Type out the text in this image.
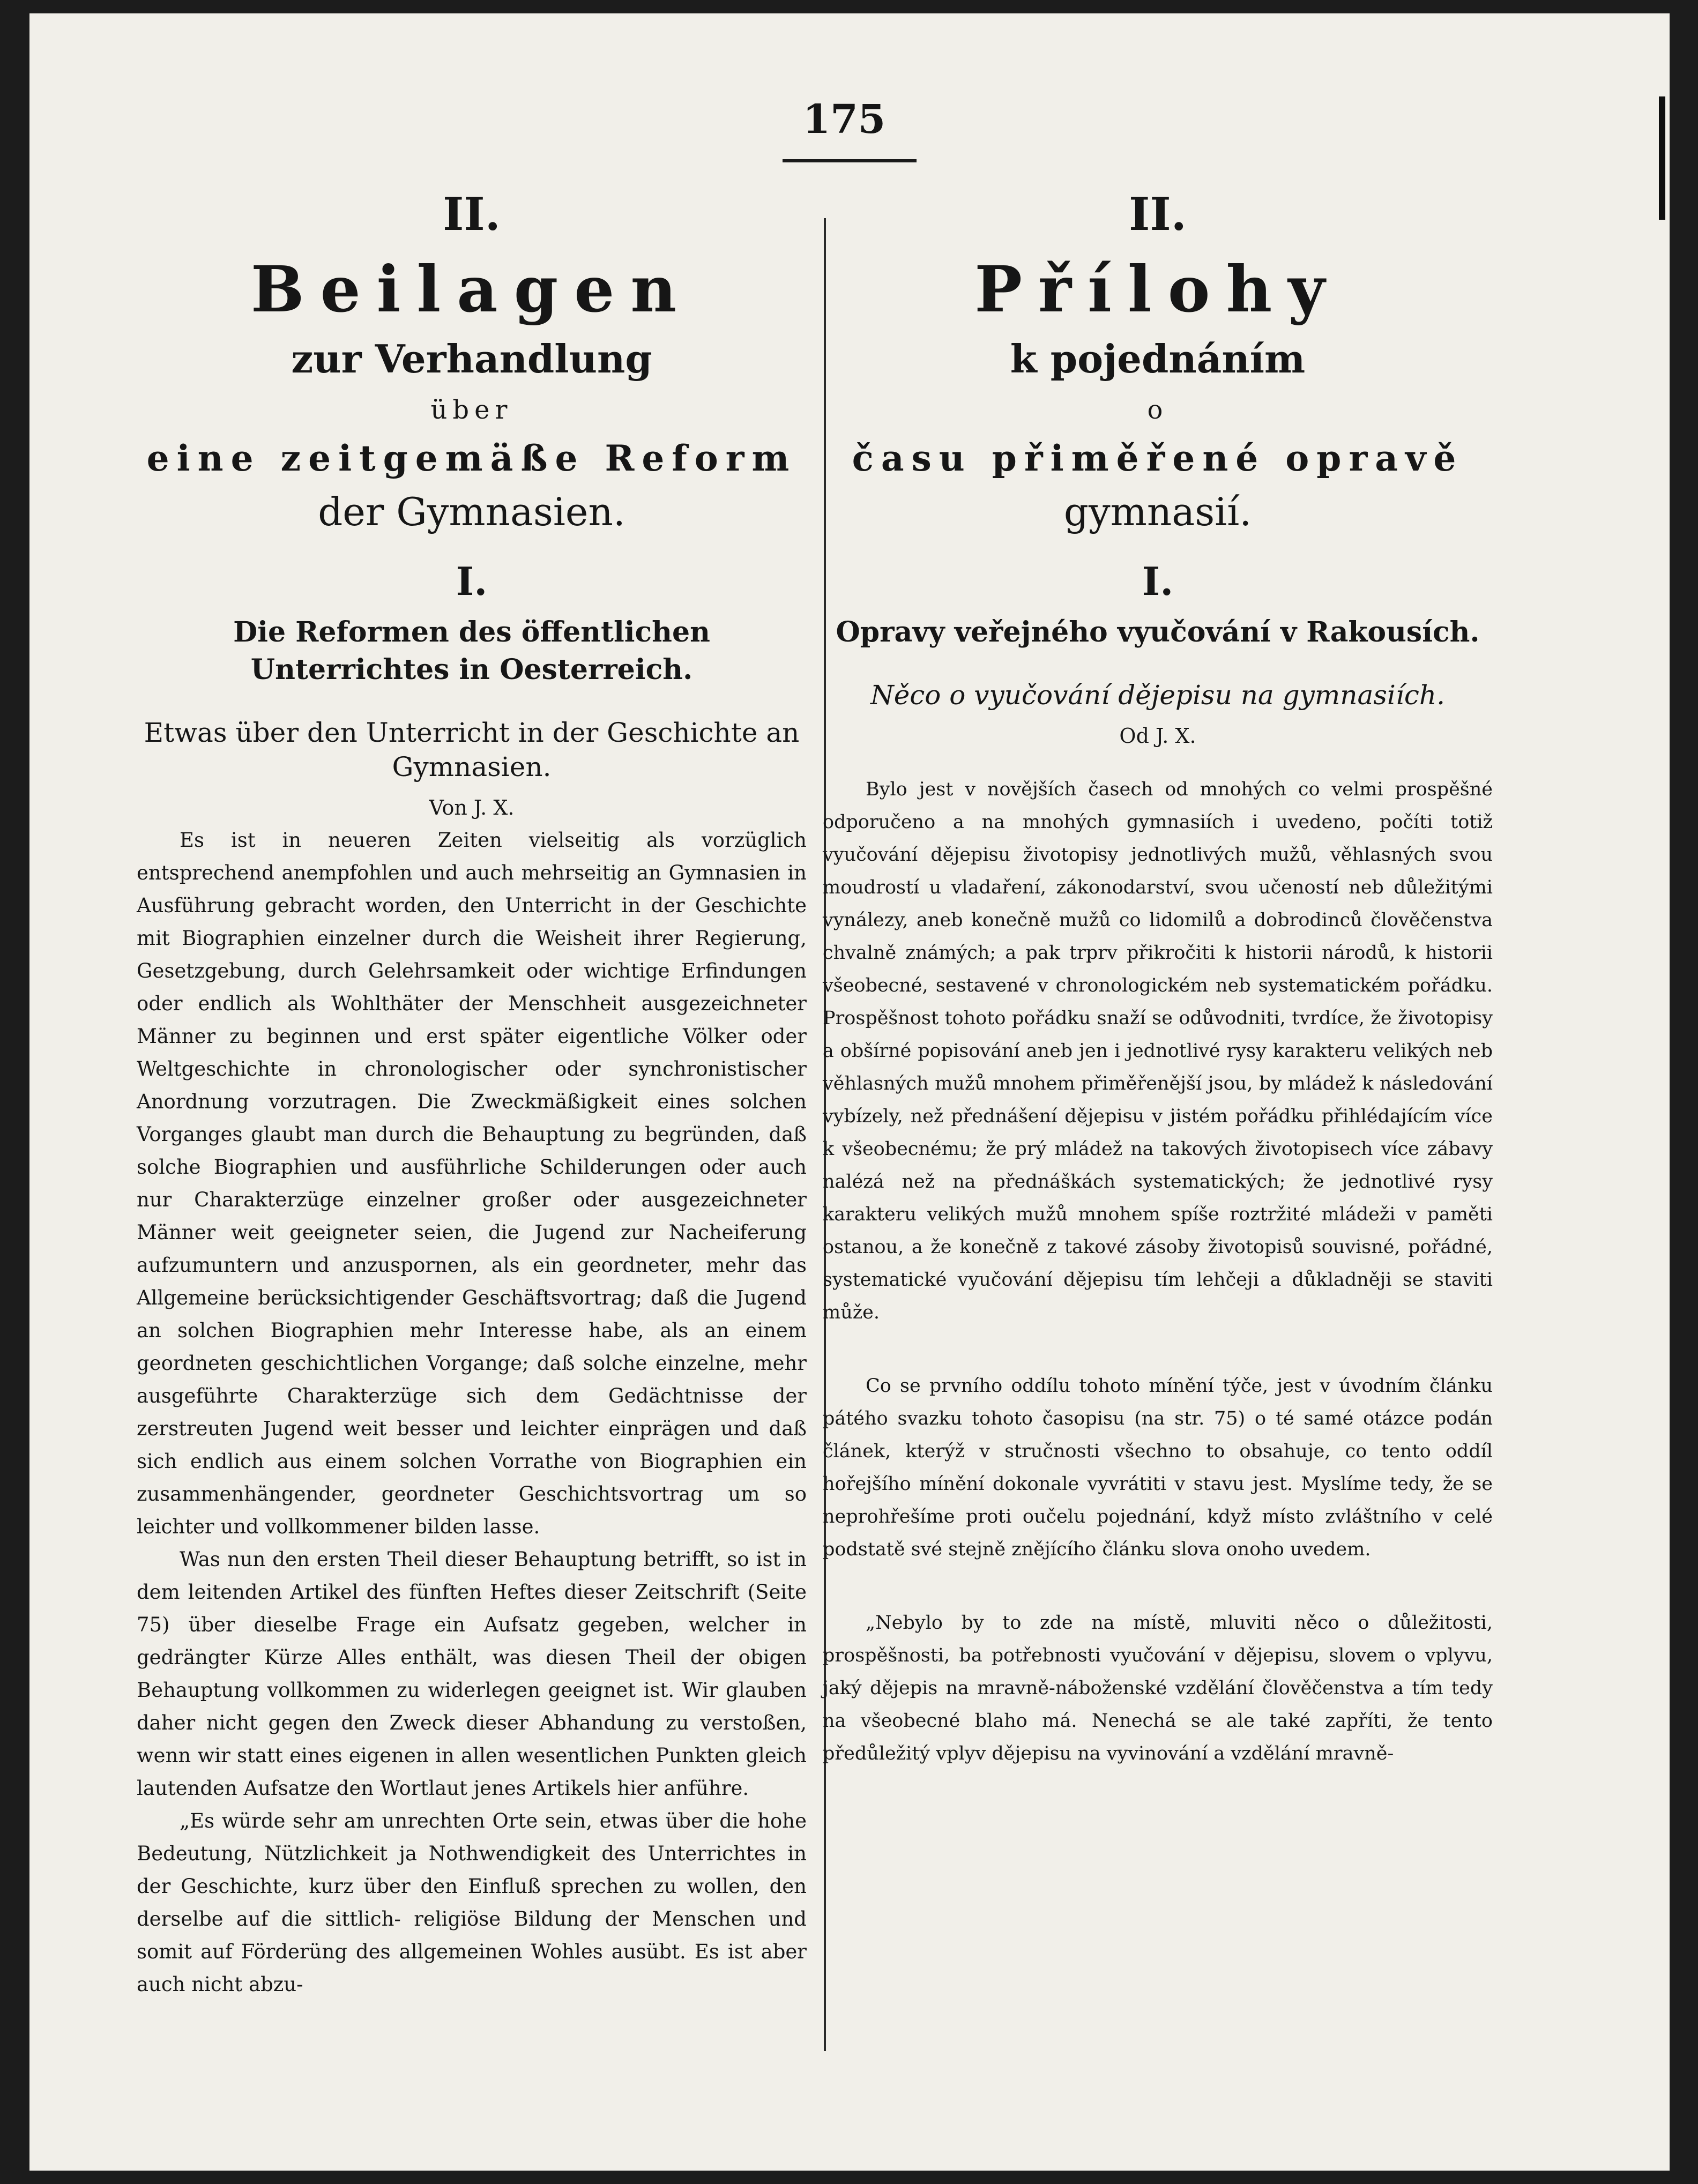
175
II.
Beilagen
zur Verhandlung
über
eine zeitgemäße Reform
der Gymnasien.
I.
Die Reformen des öffentlichen Unterrichtes in Oesterreich.
Etwas über den Unterricht in der Geschichte an Gymnasien.
Von J. X.

Es ist in neueren Zeiten vielseitig als vorzüglich entsprechend anempfohlen und auch mehrseitig an Gymnasien in Ausführung gebracht worden, den Unterricht in der Geschichte mit Biographien einzelner durch die Weisheit ihrer Regierung, Gesetzgebung, durch Gelehrsamkeit oder wichtige Erfindungen oder endlich als Wohlthäter der Menschheit ausgezeichneter Männer zu beginnen und erst später eigentliche Völker oder Weltgeschichte in chronologischer oder synchronistischer Anordnung vorzutragen. Die Zweckmäßigkeit eines solchen Vorganges glaubt man durch die Behauptung zu begründen, daß solche Biographien und ausführliche Schilderungen oder auch nur Charakterzüge einzelner großer oder ausgezeichneter Männer weit geeigneter seien, die Jugend zur Nacheiferung aufzumuntern und anzuspornen, als ein geordneter, mehr das Allgemeine berücksichtigender Geschäftsvortrag; daß die Jugend an solchen Biographien mehr Interesse habe, als an einem geordneten geschichtlichen Vorgange; daß solche einzelne, mehr ausgeführte Charakterzüge sich dem Gedächtnisse der zerstreuten Jugend weit besser und leichter einprägen und daß sich endlich aus einem solchen Vorrathe von Biographien ein zusammenhängender, geordneter Geschichtsvortrag um so leichter und vollkommener bilden lasse.

Was nun den ersten Theil dieser Behauptung betrifft, so ist in dem leitenden Artikel des fünften Heftes dieser Zeitschrift (Seite 75) über dieselbe Frage ein Aufsatz gegeben, welcher in gedrängter Kürze Alles enthält, was diesen Theil der obigen Behauptung vollkommen zu widerlegen geeignet ist. Wir glauben daher nicht gegen den Zweck dieser Abhandung zu verstoßen, wenn wir statt eines eigenen in allen wesentlichen Punkten gleich lautenden Aufsatze den Wortlaut jenes Artikels hier anführe.

„Es würde sehr am unrechten Orte sein, etwas über die hohe Bedeutung, Nützlichkeit ja Nothwendigkeit des Unterrichtes in der Geschichte, kurz über den Einfluß sprechen zu wollen, den derselbe auf die sittlich- religiöse Bildung der Menschen und somit auf Förderüng des allgemeinen Wohles ausübt. Es ist aber auch nicht abzu-

II.
Přílohy
k pojednáním
o
času přiměřené opravě
gymnasií.
I.
Opravy veřejného vyučování v Rakousích.
Něco o vyučování dějepisu na gymnasiích.
Od J. X.

Bylo jest v novějších časech od mnohých co velmi prospěšné odporučeno a na mnohých gymnasiích i uvedeno, počíti totiž vyučování dějepisu životopisy jednotlivých mužů, věhlasných svou moudrostí u vladaření, zákonodarství, svou učeností neb důležitými vynálezy, aneb konečně mužů co lidomilů a dobrodinců člověčenstva chvalně známých; a pak trprv přikročiti k historii národů, k historii všeobecné, sestavené v chronologickém neb systematickém pořádku. Prospěšnost tohoto pořádku snaží se odůvodniti, tvrdíce, že životopisy a obšírné popisování aneb jen i jednotlivé rysy karakteru velikých neb věhlasných mužů mnohem přiměřenější jsou, by mládež k následování vybízely, než přednášení dějepisu v jistém pořádku přihlédajícím více k všeobecnému; že prý mládež na takových životopisech více zábavy nalézá než na přednáškách systematických; že jednotlivé rysy karakteru velikých mužů mnohem spíše roztržité mládeži v paměti ostanou, a že konečně z takové zásoby životopisů souvisné, pořádné, systematické vyučování dějepisu tím lehčeji a důkladněji se staviti může.

Co se prvního oddílu tohoto mínění týče, jest v úvodním článku pátého svazku tohoto časopisu (na str. 75) o té samé otázce podán článek, kterýž v stručnosti všechno to obsahuje, co tento oddíl hořejšího mínění dokonale vyvrátiti v stavu jest. Myslíme tedy, že se neprohřešíme proti oučelu pojednání, když místo zvláštního v celé podstatě své stejně znějícího článku slova onoho uvedem.

„Nebylo by to zde na místě, mluviti něco o důležitosti, prospěšnosti, ba potřebnosti vyučování v dějepisu, slovem o vplyvu, jaký dějepis na mravně-náboženské vzdělání člověčenstva a tím tedy na všeobecné blaho má. Nenechá se ale také zapříti, že tento předůležitý vplyv dějepisu na vyvinování a vzdělání mravně-
